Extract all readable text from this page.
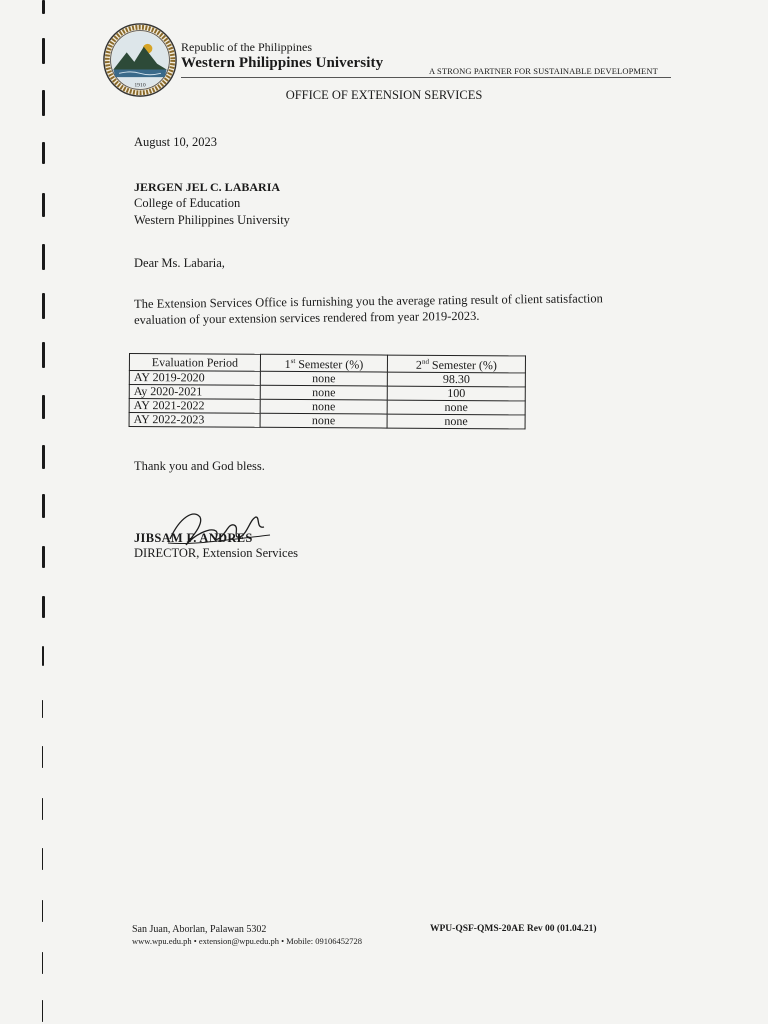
1910
Republic of the Philippines
Western Philippines University	A STRONG PARTNER FOR SUSTAINABLE DEVELOPMENT
OFFICE OF EXTENSION SERVICES
August 10, 2023
JERGEN JEL C. LABARIA
College of Education
Western Philippines University
Dear Ms. Labaria,
The Extension Services Office is furnishing you the average rating result of client satisfaction
evaluation of your extension services rendered from year 2019-2023.
Evaluation Period	1st Semester (%)	2nd Semester (%)
AY 2019-2020	none	98.30
Ay 2020-2021	none	100
AY 2021-2022	none	none
AY 2022-2023	none	none
Thank you and God bless.
JIBSAM F. ANDRES
DIRECTOR, Extension Services
San Juan, Aborlan, Palawan 5302
www.wpu.edu.ph • extension@wpu.edu.ph • Mobile: 09106452728
WPU-QSF-QMS-20AE Rev 00 (01.04.21)
